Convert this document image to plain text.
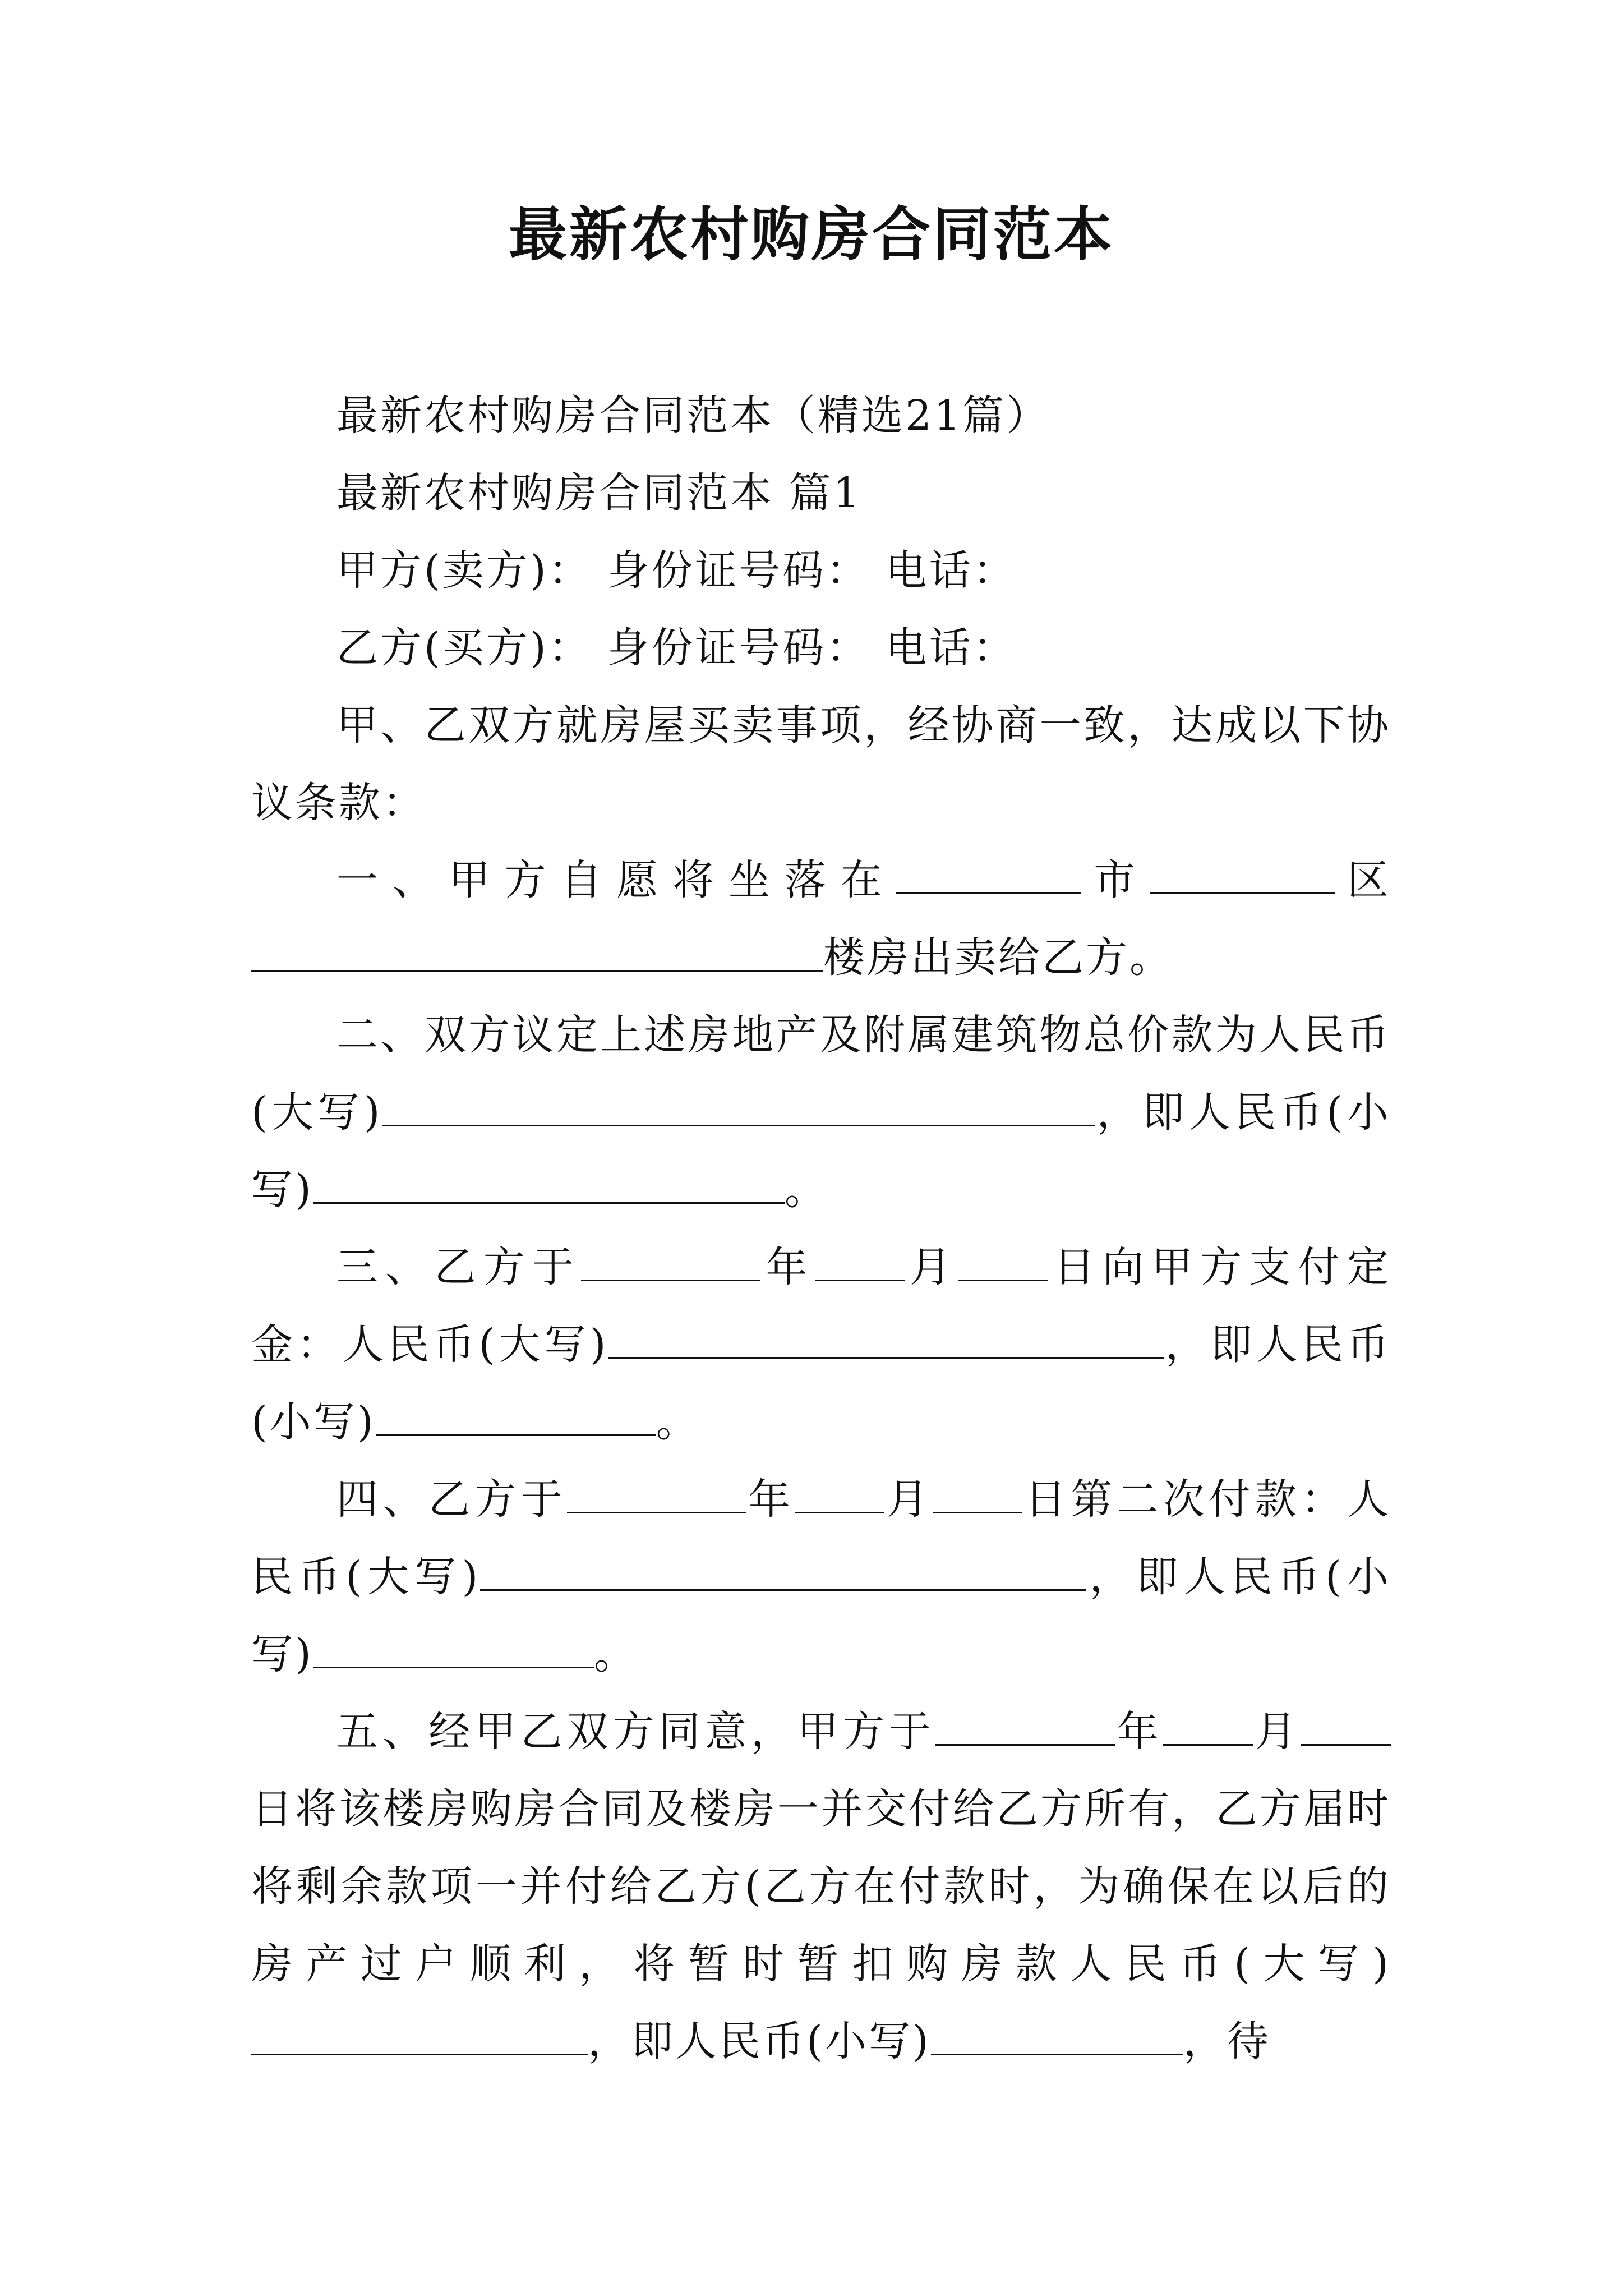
最新农村购房合同范本

最新农村购房合同范本（精选21篇）

最新农村购房合同范本 篇1

甲方(卖方)： 身份证号码： 电话：

乙方(买方)： 身份证号码： 电话：

甲、乙双方就房屋买卖事项，经协商一致，达成以下协议条款：

一、甲方自愿将坐落在	市	区楼房出卖给乙方。

二、双方议定上述房地产及附属建筑物总价款为人民币(大写)	，即人民币(小写)	。

三、乙方于	年 月 日向甲方支付定金：人民币(大写)	，即人民币(小写)	。

四、乙方于	年 月 日第二次付款：人民币(大写)	，即人民币(小写)	。

五、经甲乙双方同意，甲方于	年 月日将该楼房购房合同及楼房一并交付给乙方所有，乙方届时将剩余款项一并付给乙方(乙方在付款时，为确保在以后的房产过户顺利，将暂时暂扣购房款人民币(大写)，即人民币(小写)	，待
